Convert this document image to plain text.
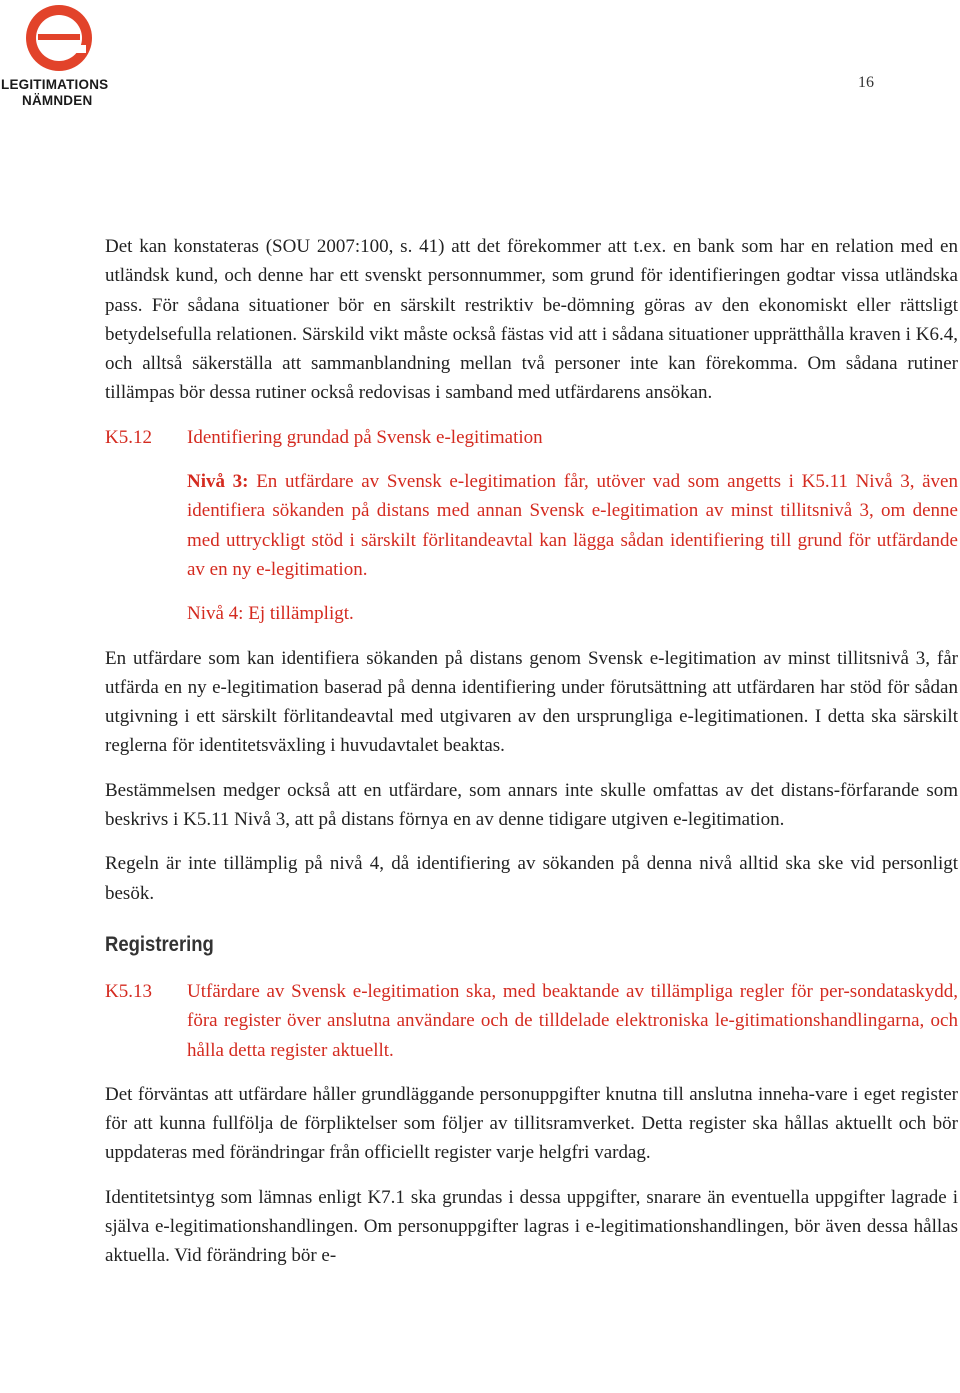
LEGITIMATIONS
NÄMNDEN
16

Det kan konstateras (SOU 2007:100, s. 41) att det förekommer att t.ex. en bank som har en relation med en utländsk kund, och denne har ett svenskt personnummer, som grund för identifieringen godtar vissa utländska pass. För sådana situationer bör en särskilt restriktiv be-dömning göras av den ekonomiskt eller rättsligt betydelsefulla relationen. Särskild vikt måste också fästas vid att i sådana situationer upprätthålla kraven i K6.4, och alltså säkerställa att sammanblandning mellan två personer inte kan förekomma. Om sådana rutiner tillämpas bör dessa rutiner också redovisas i samband med utfärdarens ansökan.

K5.12	Identifiering grundad på Svensk e-legitimation

Nivå 3: En utfärdare av Svensk e-legitimation får, utöver vad som angetts i K5.11 Nivå 3, även identifiera sökanden på distans med annan Svensk e-legitimation av minst tillitsnivå 3, om denne med uttryckligt stöd i särskilt förlitandeavtal kan lägga sådan identifiering till grund för utfärdande av en ny e-legitimation.

Nivå 4: Ej tillämpligt.

En utfärdare som kan identifiera sökanden på distans genom Svensk e-legitimation av minst tillitsnivå 3, får utfärda en ny e-legitimation baserad på denna identifiering under förutsättning att utfärdaren har stöd för sådan utgivning i ett särskilt förlitandeavtal med utgivaren av den ursprungliga e-legitimationen. I detta ska särskilt reglerna för identitetsväxling i huvudavtalet beaktas.

Bestämmelsen medger också att en utfärdare, som annars inte skulle omfattas av det distans-förfarande som beskrivs i K5.11 Nivå 3, att på distans förnya en av denne tidigare utgiven e-legitimation.

Regeln är inte tillämplig på nivå 4, då identifiering av sökanden på denna nivå alltid ska ske vid personligt besök.

Registrering
K5.13	Utfärdare av Svensk e-legitimation ska, med beaktande av tillämpliga regler för per-sondataskydd, föra register över anslutna användare och de tilldelade elektroniska le-gitimationshandlingarna, och hålla detta register aktuellt.

Det förväntas att utfärdare håller grundläggande personuppgifter knutna till anslutna inneha-vare i eget register för att kunna fullfölja de förpliktelser som följer av tillitsramverket. Detta register ska hållas aktuellt och bör uppdateras med förändringar från officiellt register varje helgfri vardag.

Identitetsintyg som lämnas enligt K7.1 ska grundas i dessa uppgifter, snarare än eventuella uppgifter lagrade i själva e-legitimationshandlingen. Om personuppgifter lagras i e-legitimationshandlingen, bör även dessa hållas aktuella. Vid förändring bör e-
